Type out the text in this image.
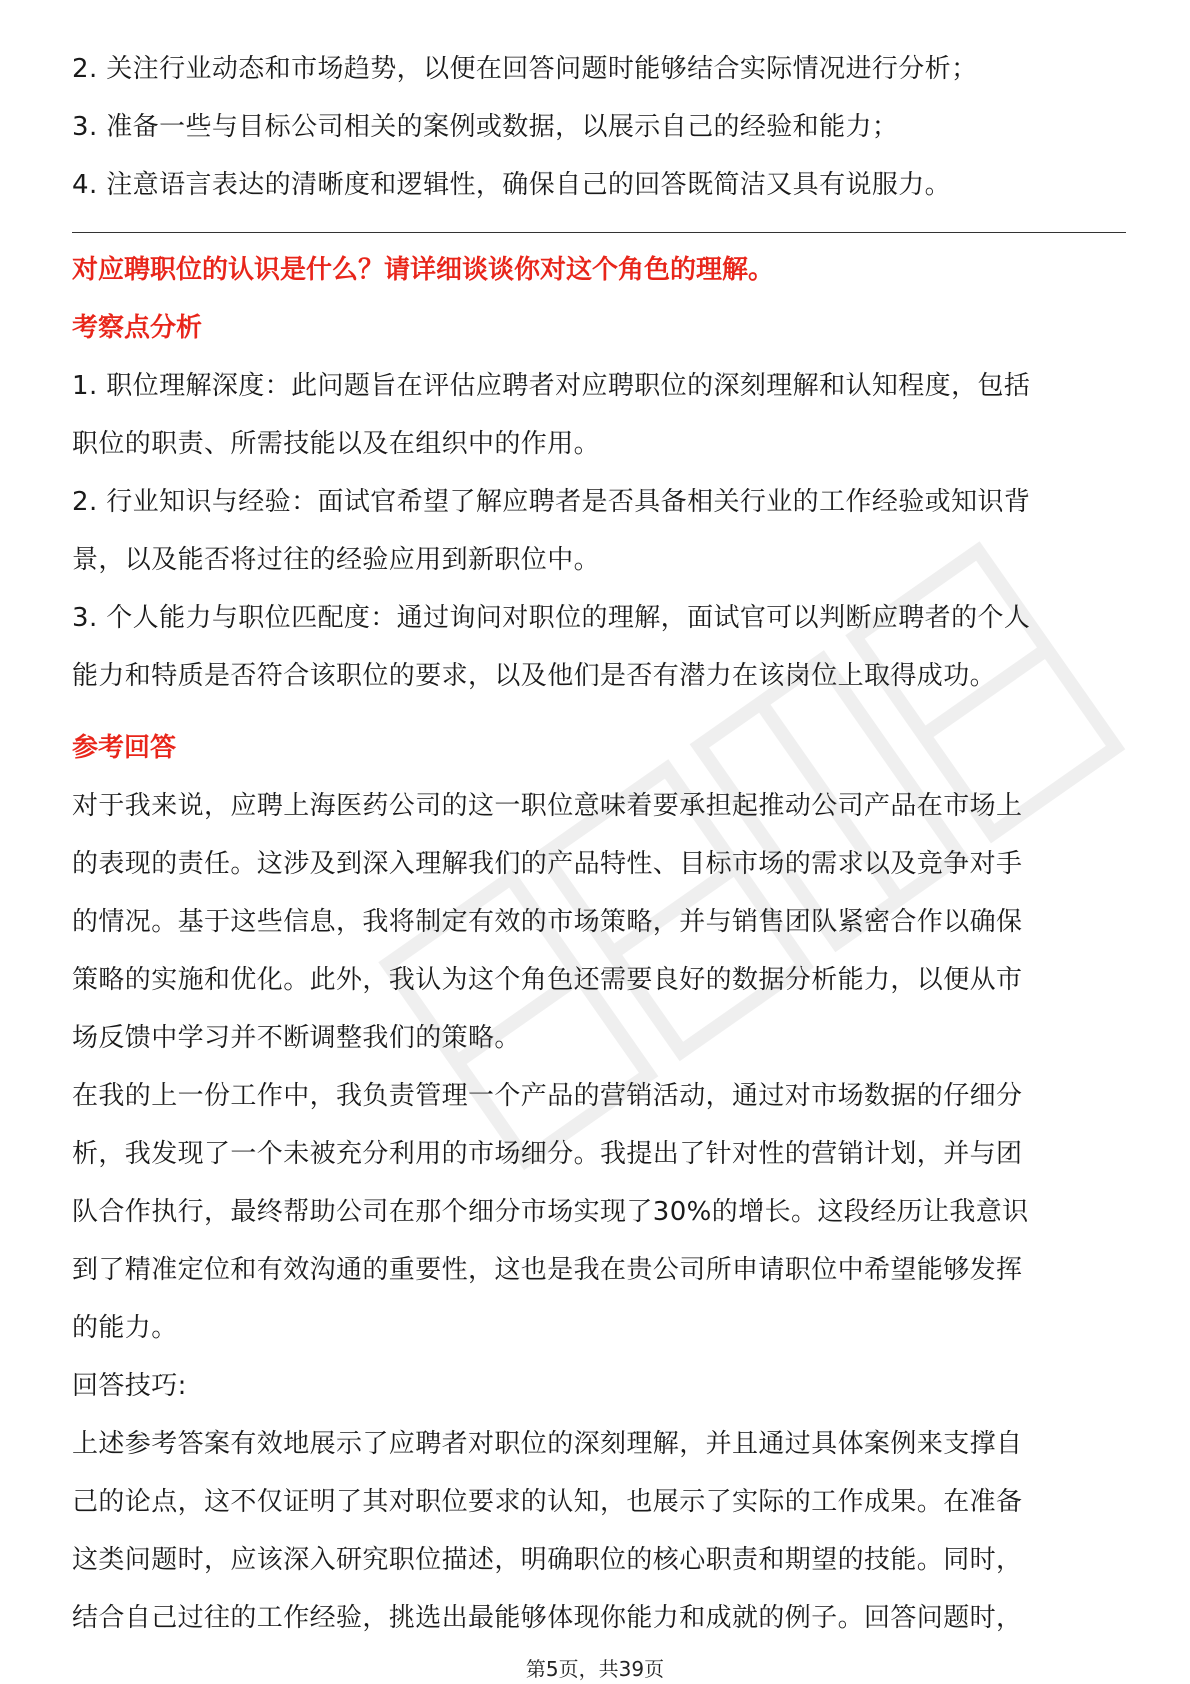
2. 关注行业动态和市场趋势，以便在回答问题时能够结合实际情况进行分析；
3. 准备一些与目标公司相关的案例或数据，以展示自己的经验和能力；
4. 注意语言表达的清晰度和逻辑性，确保自己的回答既简洁又具有说服力。
对应聘职位的认识是什么？请详细谈谈你对这个角色的理解。
考察点分析
1. 职位理解深度：此问题旨在评估应聘者对应聘职位的深刻理解和认知程度，包括
职位的职责、所需技能以及在组织中的作用。
2. 行业知识与经验：面试官希望了解应聘者是否具备相关行业的工作经验或知识背
景，以及能否将过往的经验应用到新职位中。
3. 个人能力与职位匹配度：通过询问对职位的理解，面试官可以判断应聘者的个人
能力和特质是否符合该职位的要求，以及他们是否有潜力在该岗位上取得成功。
参考回答
对于我来说，应聘上海医药公司的这一职位意味着要承担起推动公司产品在市场上
的表现的责任。这涉及到深入理解我们的产品特性、目标市场的需求以及竞争对手
的情况。基于这些信息，我将制定有效的市场策略，并与销售团队紧密合作以确保
策略的实施和优化。此外，我认为这个角色还需要良好的数据分析能力，以便从市
场反馈中学习并不断调整我们的策略。
在我的上一份工作中，我负责管理一个产品的营销活动，通过对市场数据的仔细分
析，我发现了一个未被充分利用的市场细分。我提出了针对性的营销计划，并与团
队合作执行，最终帮助公司在那个细分市场实现了30%的增长。这段经历让我意识
到了精准定位和有效沟通的重要性，这也是我在贵公司所申请职位中希望能够发挥
的能力。
回答技巧:
上述参考答案有效地展示了应聘者对职位的深刻理解，并且通过具体案例来支撑自
己的论点，这不仅证明了其对职位要求的认知，也展示了实际的工作成果。在准备
这类问题时，应该深入研究职位描述，明确职位的核心职责和期望的技能。同时，
结合自己过往的工作经验，挑选出最能够体现你能力和成就的例子。回答问题时，
第5页，共39页
